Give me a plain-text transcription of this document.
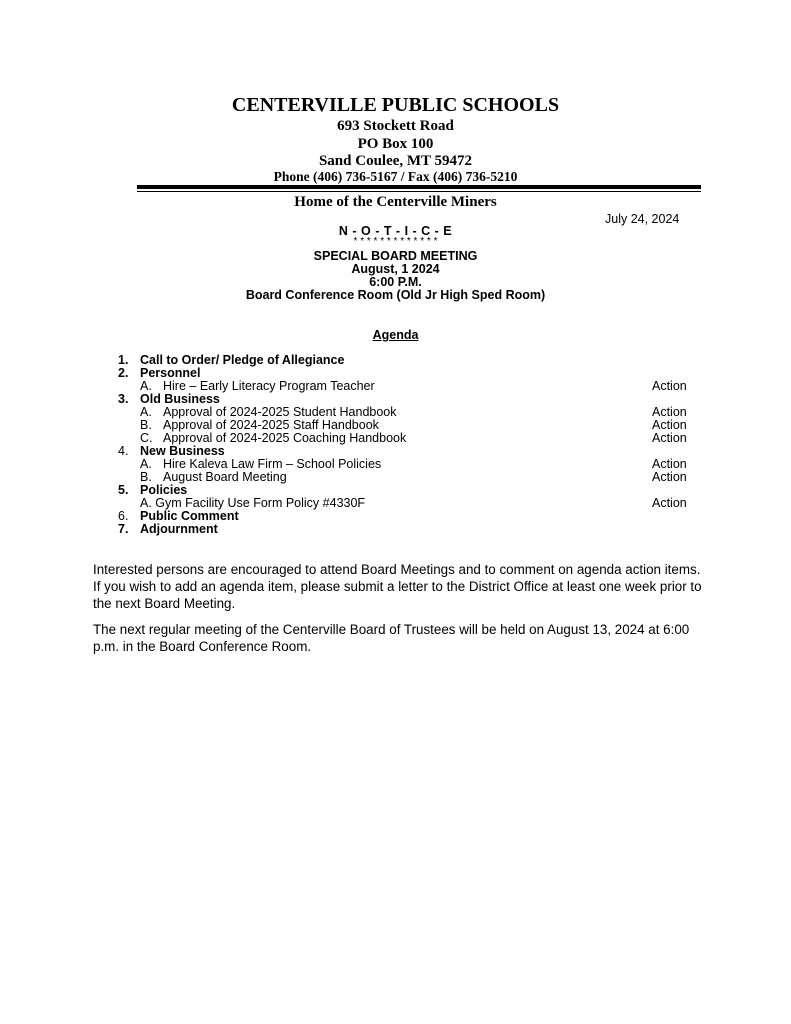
CENTERVILLE PUBLIC SCHOOLS
693 Stockett Road
PO Box 100
Sand Coulee, MT 59472
Phone (406) 736-5167 / Fax (406) 736-5210
Home of the Centerville Miners
July 24, 2024
N - O - T - I - C - E
* * * * * * * * * * * * *
SPECIAL BOARD MEETING
August, 1 2024
6:00 P.M.
Board Conference Room (Old Jr High Sped Room)
Agenda
1. Call to Order/ Pledge of Allegiance
2. Personnel
A. Hire – Early Literacy Program Teacher	Action
3. Old Business
A. Approval of 2024-2025 Student Handbook	Action
B. Approval of 2024-2025 Staff Handbook	Action
C. Approval of 2024-2025 Coaching Handbook	Action
4. New Business
A. Hire Kaleva Law Firm – School Policies	Action
B. August Board Meeting	Action
5. Policies
A. Gym Facility Use Form Policy #4330F	Action
6. Public Comment
7. Adjournment
Interested persons are encouraged to attend Board Meetings and to comment on agenda action items. If you wish to add an agenda item, please submit a letter to the District Office at least one week prior to the next Board Meeting.
The next regular meeting of the Centerville Board of Trustees will be held on August 13, 2024 at 6:00 p.m. in the Board Conference Room.
